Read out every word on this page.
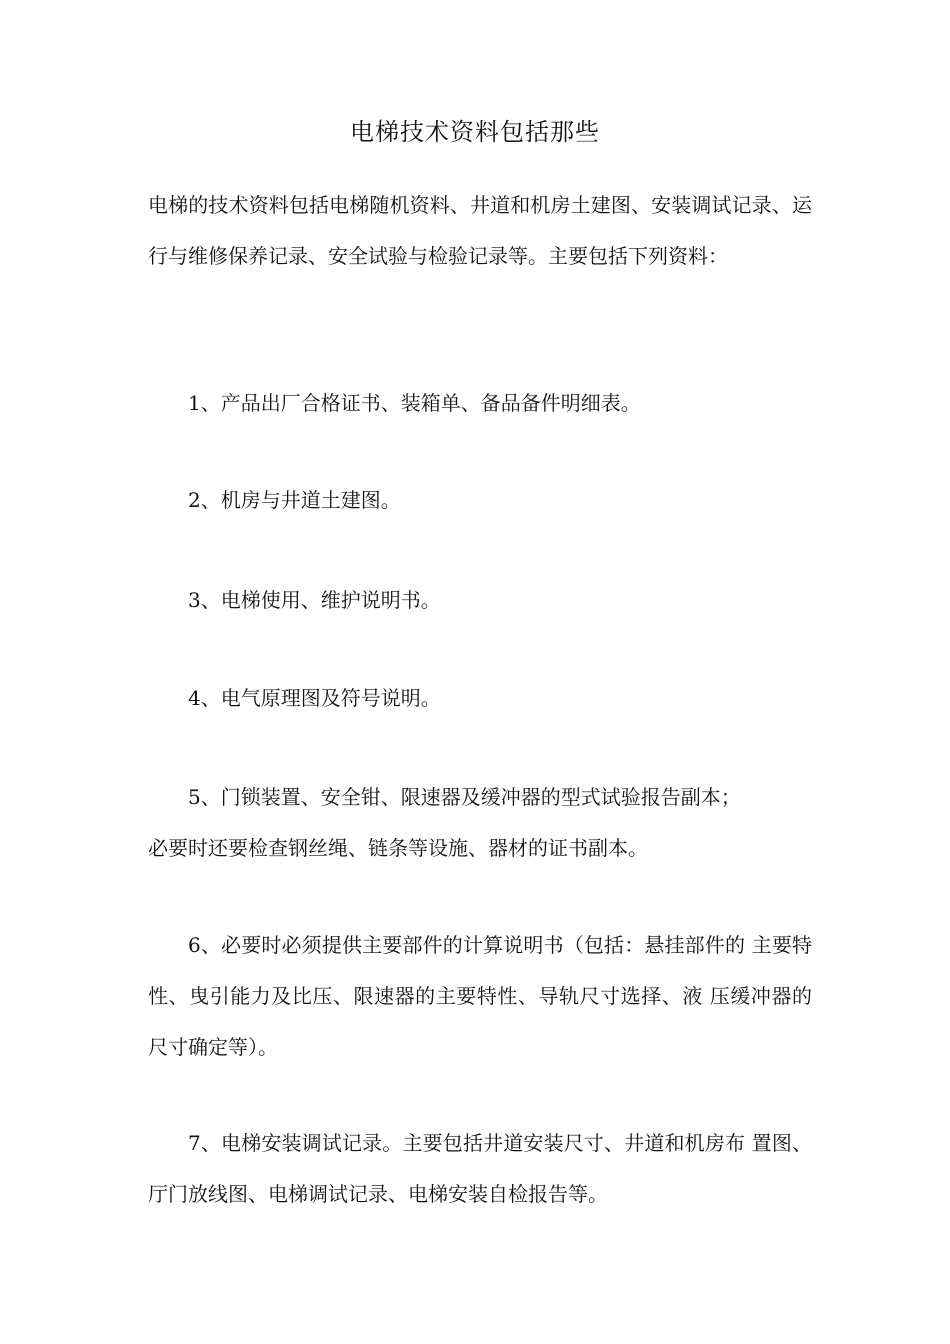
电梯技术资料包括那些

电梯的技术资料包括电梯随机资料、井道和机房土建图、安装调试记录、运行与维修保养记录、安全试验与检验记录等。主要包括下列资料：

1、产品出厂合格证书、装箱单、备品备件明细表。

2、机房与井道土建图。

3、电梯使用、维护说明书。

4、电气原理图及符号说明。

5、门锁装置、安全钳、限速器及缓冲器的型式试验报告副本；

必要时还要检查钢丝绳、链条等设施、器材的证书副本。

6、必要时必须提供主要部件的计算说明书（包括：悬挂部件的 主要特性、曳引能力及比压、限速器的主要特性、导轨尺寸选择、液 压缓冲器的尺寸确定等）。

7、电梯安装调试记录。主要包括井道安装尺寸、井道和机房布 置图、厅门放线图、电梯调试记录、电梯安装自检报告等。
